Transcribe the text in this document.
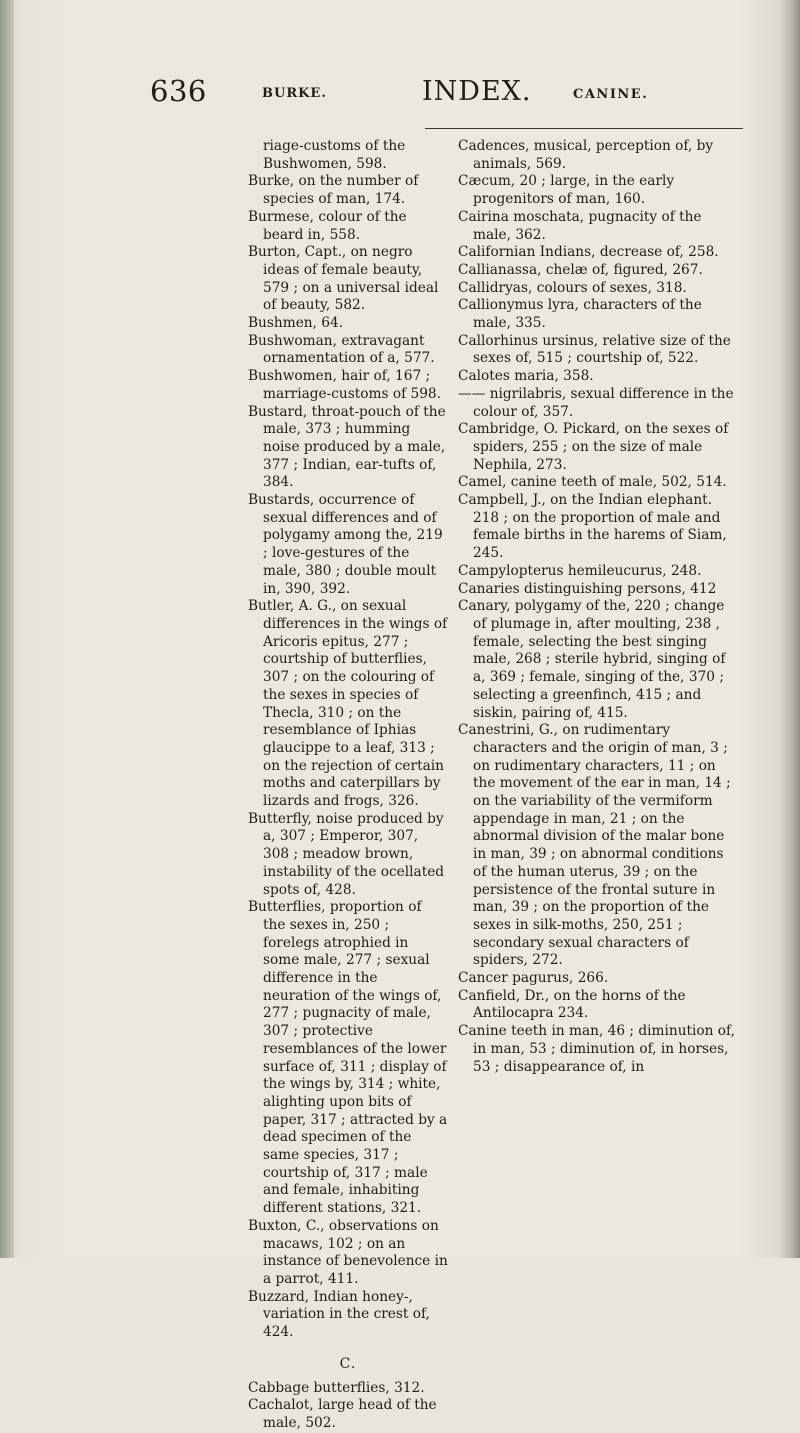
636	BURKE.	INDEX.	CANINE.

riage-customs of the Bushwomen, 598.

Burke, on the number of species of man, 174.

Burmese, colour of the beard in, 558.

Burton, Capt., on negro ideas of female beauty, 579 ; on a universal ideal of beauty, 582.

Bushmen, 64.

Bushwoman, extravagant ornamentation of a, 577.

Bushwomen, hair of, 167 ; marriage-customs of 598.

Bustard, throat-pouch of the male, 373 ; humming noise produced by a male, 377 ; Indian, ear-tufts of, 384.

Bustards, occurrence of sexual differences and of polygamy among the, 219 ; love-gestures of the male, 380 ; double moult in, 390, 392.

Butler, A. G., on sexual differences in the wings of Aricoris epitus, 277 ; courtship of butterflies, 307 ; on the colouring of the sexes in species of Thecla, 310 ; on the resemblance of Iphias glaucippe to a leaf, 313 ; on the rejection of certain moths and caterpillars by lizards and frogs, 326.

Butterfly, noise produced by a, 307 ; Emperor, 307, 308 ; meadow brown, instability of the ocellated spots of, 428.

Butterflies, proportion of the sexes in, 250 ; forelegs atrophied in some male, 277 ; sexual difference in the neuration of the wings of, 277 ; pugnacity of male, 307 ; protective resemblances of the lower surface of, 311 ; display of the wings by, 314 ; white, alighting upon bits of paper, 317 ; attracted by a dead specimen of the same species, 317 ; courtship of, 317 ; male and female, inhabiting different stations, 321.

Buxton, C., observations on macaws, 102 ; on an instance of benevolence in a parrot, 411.

Buzzard, Indian honey-, variation in the crest of, 424.

C.

Cabbage butterflies, 312.

Cachalot, large head of the male, 502.

Cadences, musical, perception of, by animals, 569.

Cæcum, 20 ; large, in the early progenitors of man, 160.

Cairina moschata, pugnacity of the male, 362.

Californian Indians, decrease of, 258.

Callianassa, chelæ of, figured, 267.

Callidryas, colours of sexes, 318.

Callionymus lyra, characters of the male, 335.

Callorhinus ursinus, relative size of the sexes of, 515 ; courtship of, 522.

Calotes maria, 358.

—— nigrilabris, sexual difference in the colour of, 357.

Cambridge, O. Pickard, on the sexes of spiders, 255 ; on the size of male Nephila, 273.

Camel, canine teeth of male, 502, 514.

Campbell, J., on the Indian elephant. 218 ; on the proportion of male and female births in the harems of Siam, 245.

Campylopterus hemileucurus, 248.

Canaries distinguishing persons, 412

Canary, polygamy of the, 220 ; change of plumage in, after moulting, 238 , female, selecting the best singing male, 268 ; sterile hybrid, singing of a, 369 ; female, singing of the, 370 ; selecting a greenfinch, 415 ; and siskin, pairing of, 415.

Canestrini, G., on rudimentary characters and the origin of man, 3 ; on rudimentary characters, 11 ; on the movement of the ear in man, 14 ; on the variability of the vermiform appendage in man, 21 ; on the abnormal division of the malar bone in man, 39 ; on abnormal conditions of the human uterus, 39 ; on the persistence of the frontal suture in man, 39 ; on the proportion of the sexes in silk-moths, 250, 251 ; secondary sexual characters of spiders, 272.

Cancer pagurus, 266.

Canfield, Dr., on the horns of the Antilocapra 234.

Canine teeth in man, 46 ; diminution of, in man, 53 ; diminution of, in horses, 53 ; disappearance of, in
